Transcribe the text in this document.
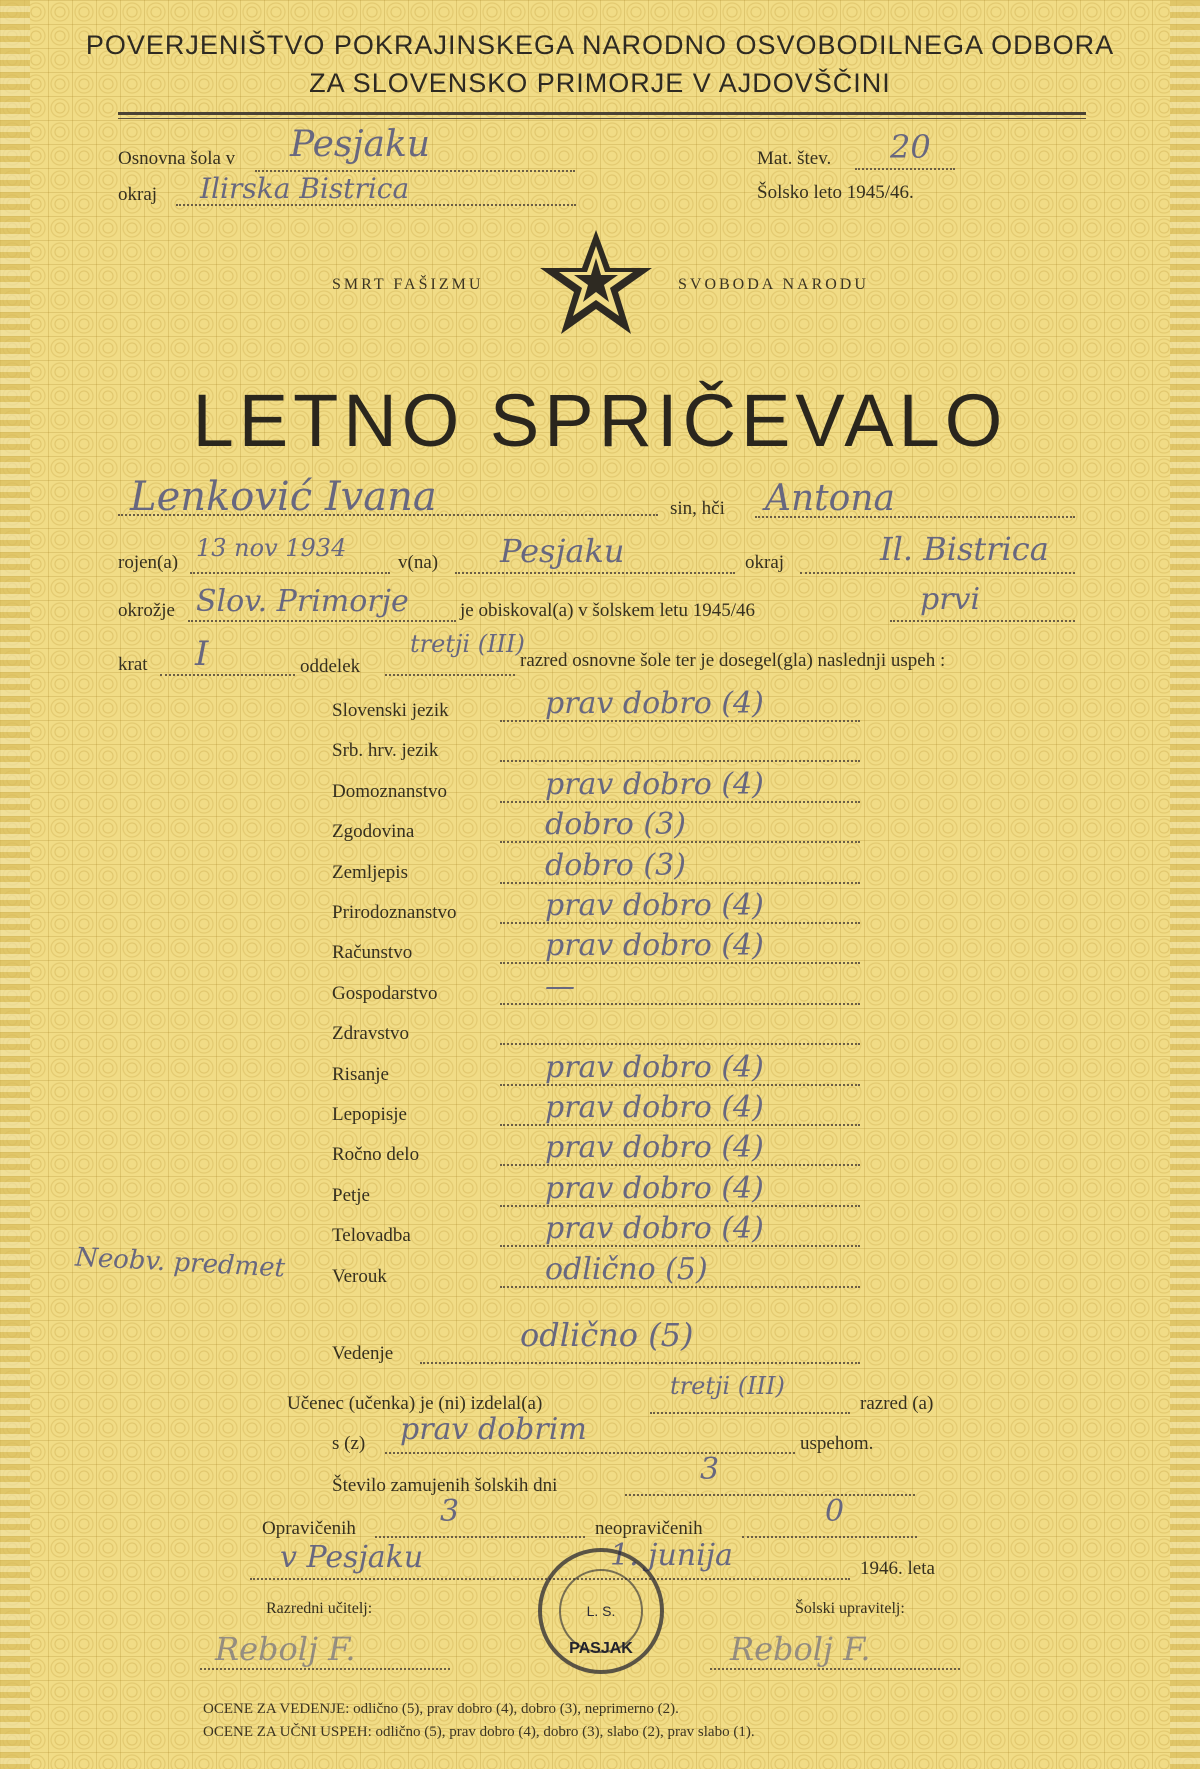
POVERJENIŠTVO POKRAJINSKEGA NARODNO OSVOBODILNEGA ODBORA
ZA SLOVENSKO PRIMORJE V AJDOVŠČINI
Osnovna šola v Pesjaku
okraj Ilirska Bistrica
Mat. štev. 20
Šolsko leto 1945/46.
SMRT FAŠIZMU	SVOBODA NARODU
LETNO SPRIČEVALO
Lenković Ivana	sin, hči Antona
rojen(a)
13 nov 1934
v(na) Pesjaku	okraj	Il. Bistrica
okrožje Slov. Primorje	je obiskoval(a) v šolskem letu 1945/46	prvi
krat I	oddelek
tretji (III)
razred osnovne šole ter je dosegel(gla) naslednji uspeh :
Slovenski jezik	prav dobro (4)
Srb. hrv. jezik
Domoznanstvo	prav dobro (4)
Zgodovina	dobro (3)
Zemljepis	dobro (3)
Prirodoznanstvo	prav dobro (4)
Računstvo	prav dobro (4)
Gospodarstvo	—
Zdravstvo
Risanje	prav dobro (4)
Lepopisje	prav dobro (4)
Ročno delo	prav dobro (4)
Petje	prav dobro (4)
Telovadba	prav dobro (4)
Verouk	odlično (5)
Neobv. predmet
Vedenje	odlično (5)
Učenec (učenka) je (ni) izdelal(a)
tretji (III)
razred (a)
s (z) prav dobrim	uspehom.
Število zamujenih šolskih dni	3
Opravičenih	3	neopravičenih	0
v Pesjaku	1. junija	1946. leta
Razredni učitelj:
Rebolj F.
Šolski upravitelj:
Rebolj F.
L. S.
PASJAK
OCENE ZA VEDENJE: odlično (5), prav dobro (4), dobro (3), neprimerno (2).
OCENE ZA UČNI USPEH: odlično (5), prav dobro (4), dobro (3), slabo (2), prav slabo (1).
